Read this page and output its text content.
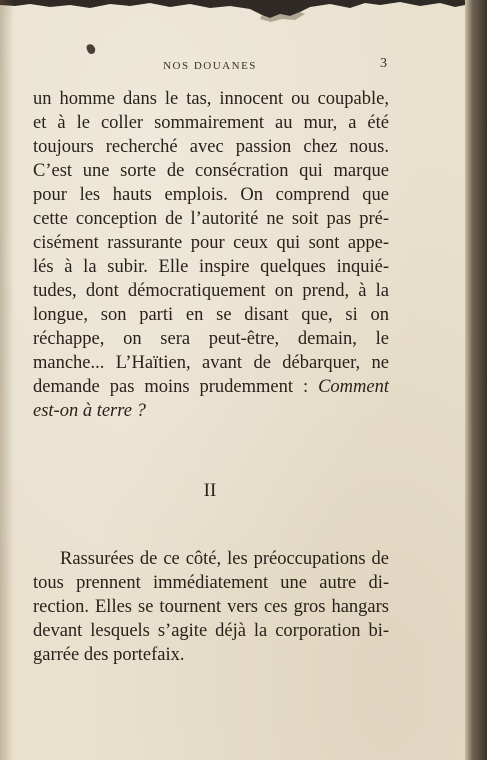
NOS DOUANES	3
un homme dans le tas, innocent ou coupable,
et à le coller sommairement au mur, a été
toujours recherché avec passion chez nous.
C’est une sorte de consécration qui marque
pour les hauts emplois. On comprend que
cette conception de l’autorité ne soit pas pré-
cisément rassurante pour ceux qui sont appe-
lés à la subir. Elle inspire quelques inquié-
tudes, dont démocratiquement on prend, à la
longue, son parti en se disant que, si on
réchappe, on sera peut-être, demain, le
manche... L’Haïtien, avant de débarquer, ne
demande pas moins prudemment : Comment
est-on à terre ?
II
Rassurées de ce côté, les préoccupations de
tous prennent immédiatement une autre di-
rection. Elles se tournent vers ces gros hangars
devant lesquels s’agite déjà la corporation bi-
garrée des portefaix.
